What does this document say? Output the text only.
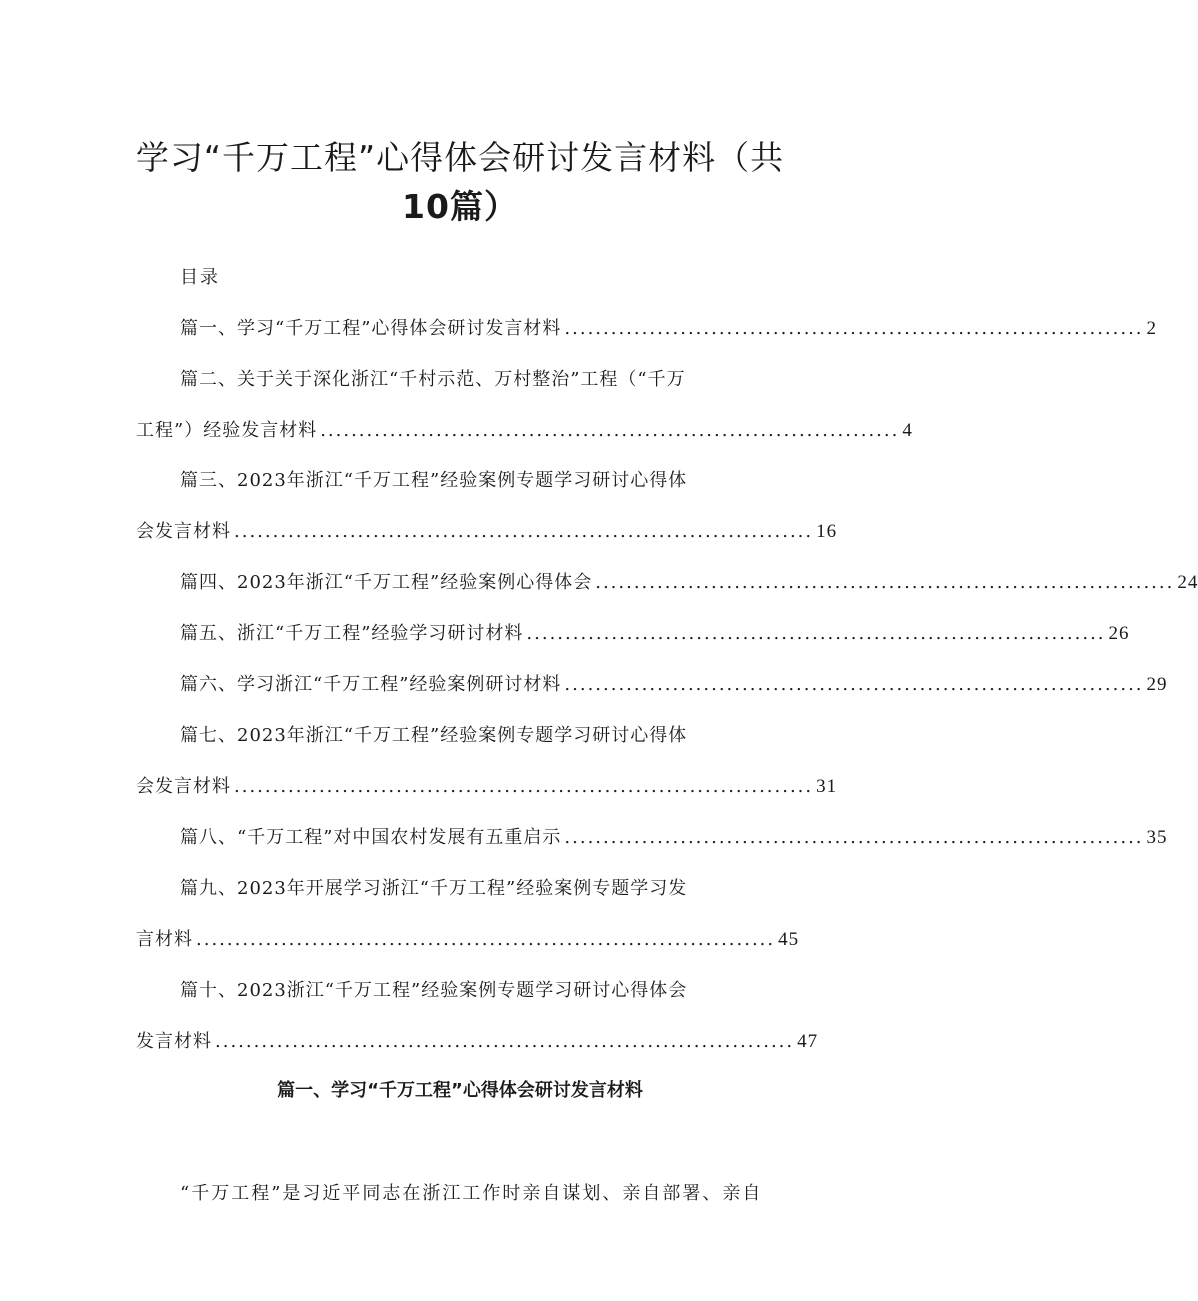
学习“千万工程”心得体会研讨发言材料（共
10篇）
目录
篇一、学习“千万工程”心得体会研讨发言材料 ........................................................................... 2
篇二、关于关于深化浙江“千村示范、万村整治”工程（“千万
工程”）经验发言材料 ........................................................................... 4
篇三、2023年浙江“千万工程”经验案例专题学习研讨心得体
会发言材料 ........................................................................... 16
篇四、2023年浙江“千万工程”经验案例心得体会 ........................................................................... 24
篇五、浙江“千万工程”经验学习研讨材料 ........................................................................... 26
篇六、学习浙江“千万工程”经验案例研讨材料 ........................................................................... 29
篇七、2023年浙江“千万工程”经验案例专题学习研讨心得体
会发言材料 ........................................................................... 31
篇八、“千万工程”对中国农村发展有五重启示 ........................................................................... 35
篇九、2023年开展学习浙江“千万工程”经验案例专题学习发
言材料 ........................................................................... 45
篇十、2023浙江“千万工程”经验案例专题学习研讨心得体会
发言材料 ........................................................................... 47
篇一、学习“千万工程”心得体会研讨发言材料
“千万工程”是习近平同志在浙江工作时亲自谋划、亲自部署、亲自
